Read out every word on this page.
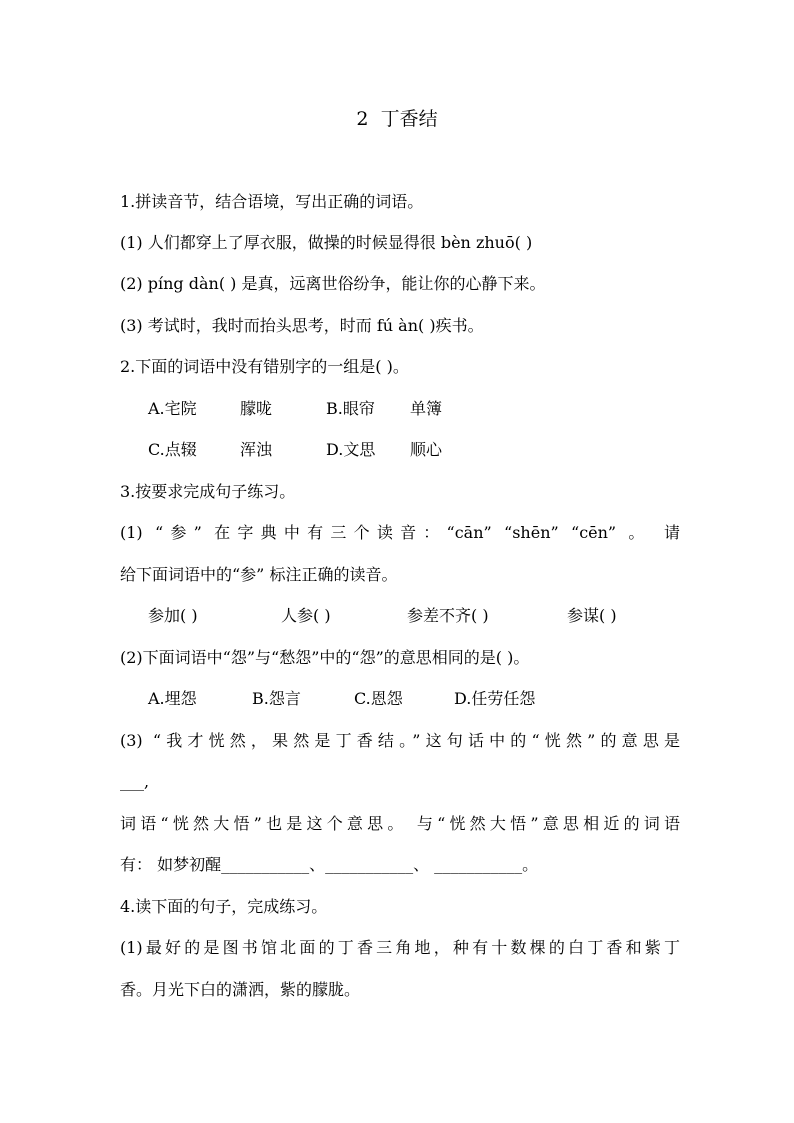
2  丁香结
1.拼读音节，结合语境，写出正确的词语。
(1) 人们都穿上了厚衣服，做操的时候显得很 bèn zhuō( )
(2) píng dàn( ) 是真，远离世俗纷争，能让你的心静下来。
(3) 考试时，我时而抬头思考，时而 fú àn( )疾书。
2.下面的词语中没有错别字的一组是( )。
A.宅院	朦咙	B.眼帘 单簿
C.点辍	浑浊	D.文思 顺心
3.按要求完成句子练习。
(1) “参” 在字典中有三个读音：“cān” “shēn” “cēn” 。 请
给下面词语中的“参” 标注正确的读音。
参加( )	人参( )	参差不齐( )	参谋( )
(2)下面词语中“怨”与“愁怨”中的“怨”的意思相同的是( )。
A.埋怨	B.怨言	C.恩怨	D.任劳任怨
(3) “我才恍然，果然是丁香结。”这句话中的“恍然”的意思是
___,
词语“恍然大悟”也是这个意思。 与“恍然大悟”意思相近的词语
有： 如梦初醒___________、___________、 ___________。
4.读下面的句子，完成练习。
(1)最好的是图书馆北面的丁香三角地，种有十数棵的白丁香和紫丁
香。月光下白的潇洒，紫的朦胧。
